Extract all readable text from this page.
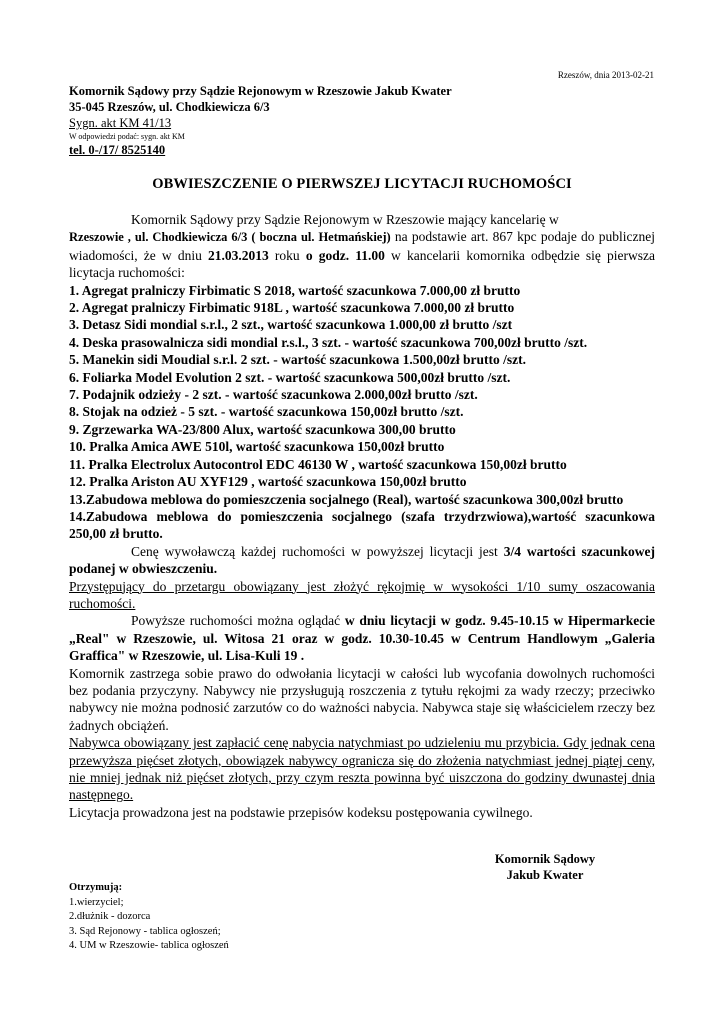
Rzeszów, dnia 2013-02-21
Komornik Sądowy przy Sądzie Rejonowym w Rzeszowie Jakub Kwater
35-045 Rzeszów, ul. Chodkiewicza 6/3
Sygn. akt KM 41/13
W odpowiedzi podać: sygn. akt KM
tel. 0-/17/ 8525140
OBWIESZCZENIE O PIERWSZEJ LICYTACJI RUCHOMOŚCI

Komornik Sądowy przy Sądzie Rejonowym w Rzeszowie mający kancelarię w
Rzeszowie , ul. Chodkiewicza 6/3 ( boczna ul. Hetmańskiej) na podstawie art. 867 kpc podaje do publicznej wiadomości, że w dniu 21.03.2013 roku o godz. 11.00 w kancelarii komornika odbędzie się pierwsza licytacja ruchomości:

1. Agregat pralniczy Firbimatic S 2018, wartość szacunkowa 7.000,00 zł brutto
2. Agregat pralniczy Firbimatic 918L , wartość szacunkowa 7.000,00 zł brutto
3. Detasz Sidi mondial s.r.l., 2 szt., wartość szacunkowa 1.000,00 zł brutto /szt
4. Deska prasowalnicza sidi mondial r.s.l., 3 szt. - wartość szacunkowa 700,00zł brutto /szt.
5. Manekin sidi Moudial s.r.l. 2 szt. - wartość szacunkowa 1.500,00zł brutto /szt.
6. Foliarka Model Evolution 2 szt. - wartość szacunkowa 500,00zł brutto /szt.
7. Podajnik odzieży - 2 szt. - wartość szacunkowa 2.000,00zł brutto /szt.
8. Stojak na odzież - 5 szt. - wartość szacunkowa 150,00zł brutto /szt.
9. Zgrzewarka WA-23/800 Alux, wartość szacunkowa 300,00 brutto
10. Pralka Amica AWE 510l, wartość szacunkowa 150,00zł brutto
11. Pralka Electrolux Autocontrol EDC 46130 W , wartość szacunkowa 150,00zł brutto
12. Pralka Ariston AU XYF129 , wartość szacunkowa 150,00zł brutto
13.Zabudowa meblowa do pomieszczenia socjalnego (Real), wartość szacunkowa 300,00zł brutto
14.Zabudowa meblowa do pomieszczenia socjalnego (szafa trzydrzwiowa),wartość szacunkowa 250,00 zł brutto.

Cenę wywoławczą każdej ruchomości w powyższej licytacji jest 3/4 wartości szacunkowej podanej w obwieszczeniu.

Przystępujący do przetargu obowiązany jest złożyć rękojmię w wysokości 1/10 sumy oszacowania ruchomości.

Powyższe ruchomości można oglądać w dniu licytacji w godz. 9.45-10.15 w Hipermarkecie „Real" w Rzeszowie, ul. Witosa 21 oraz w godz. 10.30-10.45 w Centrum Handlowym „Galeria Graffica" w Rzeszowie, ul. Lisa-Kuli 19 .

Komornik zastrzega sobie prawo do odwołania licytacji w całości lub wycofania dowolnych ruchomości bez podania przyczyny. Nabywcy nie przysługują roszczenia z tytułu rękojmi za wady rzeczy; przeciwko nabywcy nie można podnosić zarzutów co do ważności nabycia. Nabywca staje się właścicielem rzeczy bez żadnych obciążeń.

Nabywca obowiązany jest zapłacić cenę nabycia natychmiast po udzieleniu mu przybicia. Gdy jednak cena przewyższa pięćset złotych, obowiązek nabywcy ogranicza się do złożenia natychmiast jednej piątej ceny, nie mniej jednak niż pięćset złotych, przy czym reszta powinna być uiszczona do godziny dwunastej dnia następnego.

Licytacja prowadzona jest na podstawie przepisów kodeksu postępowania cywilnego.

Komornik Sądowy
Jakub Kwater
Otrzymują:
1.wierzyciel;
2.dłużnik - dozorca
3. Sąd Rejonowy - tablica ogłoszeń;
4. UM w Rzeszowie- tablica ogłoszeń
